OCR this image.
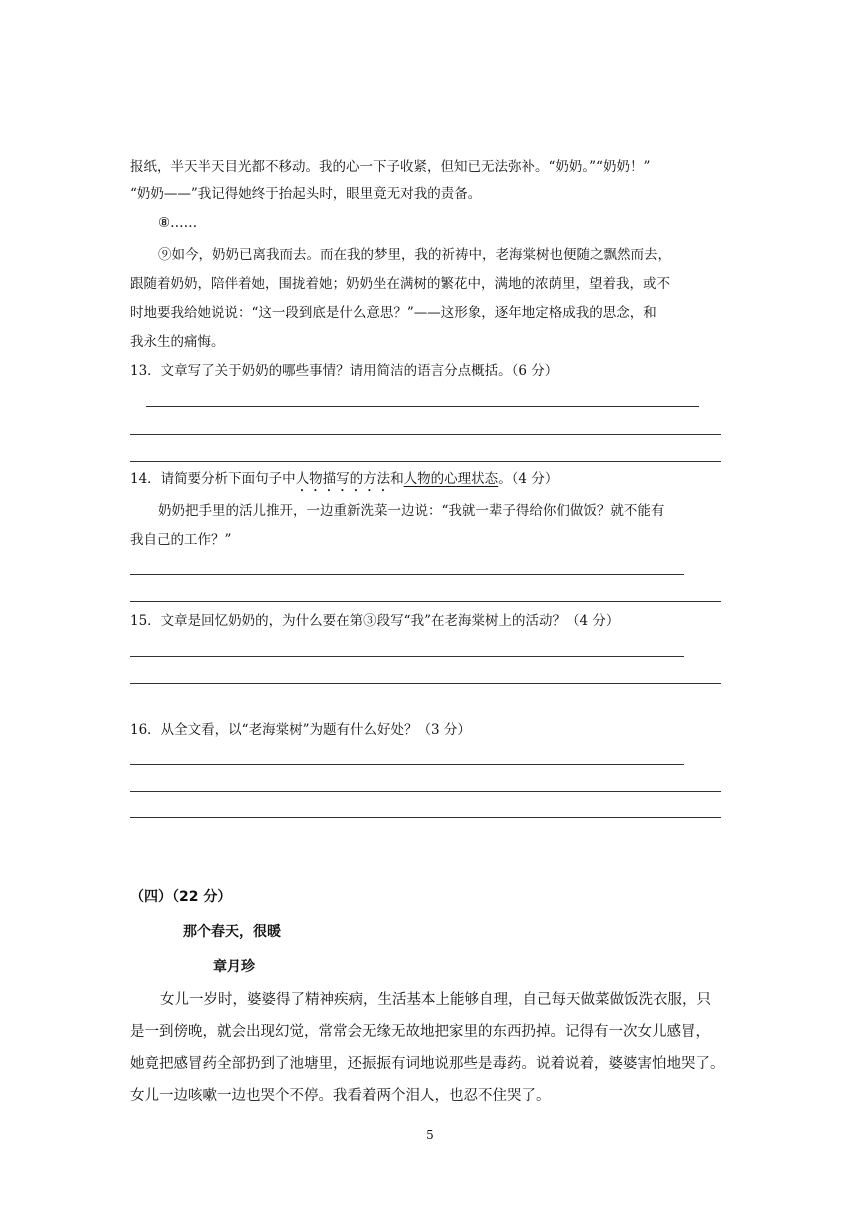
报纸，半天半天目光都不移动。我的心一下子收紧，但知已无法弥补。“奶奶。”“奶奶！”
“奶奶——”我记得她终于抬起头时，眼里竟无对我的责备。
⑧……
⑨如今，奶奶已离我而去。而在我的梦里，我的祈祷中，老海棠树也便随之飘然而去，
跟随着奶奶，陪伴着她，围拢着她；奶奶坐在满树的繁花中，满地的浓荫里，望着我，或不
时地要我给她说说：“这一段到底是什么意思？”——这形象，逐年地定格成我的思念，和
我永生的痛悔。
13．文章写了关于奶奶的哪些事情？请用简洁的语言分点概括。（6 分）
14．请简要分析下面句子中人物描写的方法和人物的心理状态。（4 分）
奶奶把手里的活儿推开，一边重新洗菜一边说：“我就一辈子得给你们做饭？就不能有
我自己的工作？”
15．文章是回忆奶奶的，为什么要在第③段写“我”在老海棠树上的活动？（4 分）
16．从全文看，以“老海棠树”为题有什么好处？（3 分）
（四）（22 分）
那个春天，很暖
章月珍
女儿一岁时，婆婆得了精神疾病，生活基本上能够自理，自己每天做菜做饭洗衣服，只
是一到傍晚，就会出现幻觉，常常会无缘无故地把家里的东西扔掉。记得有一次女儿感冒，
她竟把感冒药全部扔到了池塘里，还振振有词地说那些是毒药。说着说着，婆婆害怕地哭了。
女儿一边咳嗽一边也哭个不停。我看着两个泪人，也忍不住哭了。
5
